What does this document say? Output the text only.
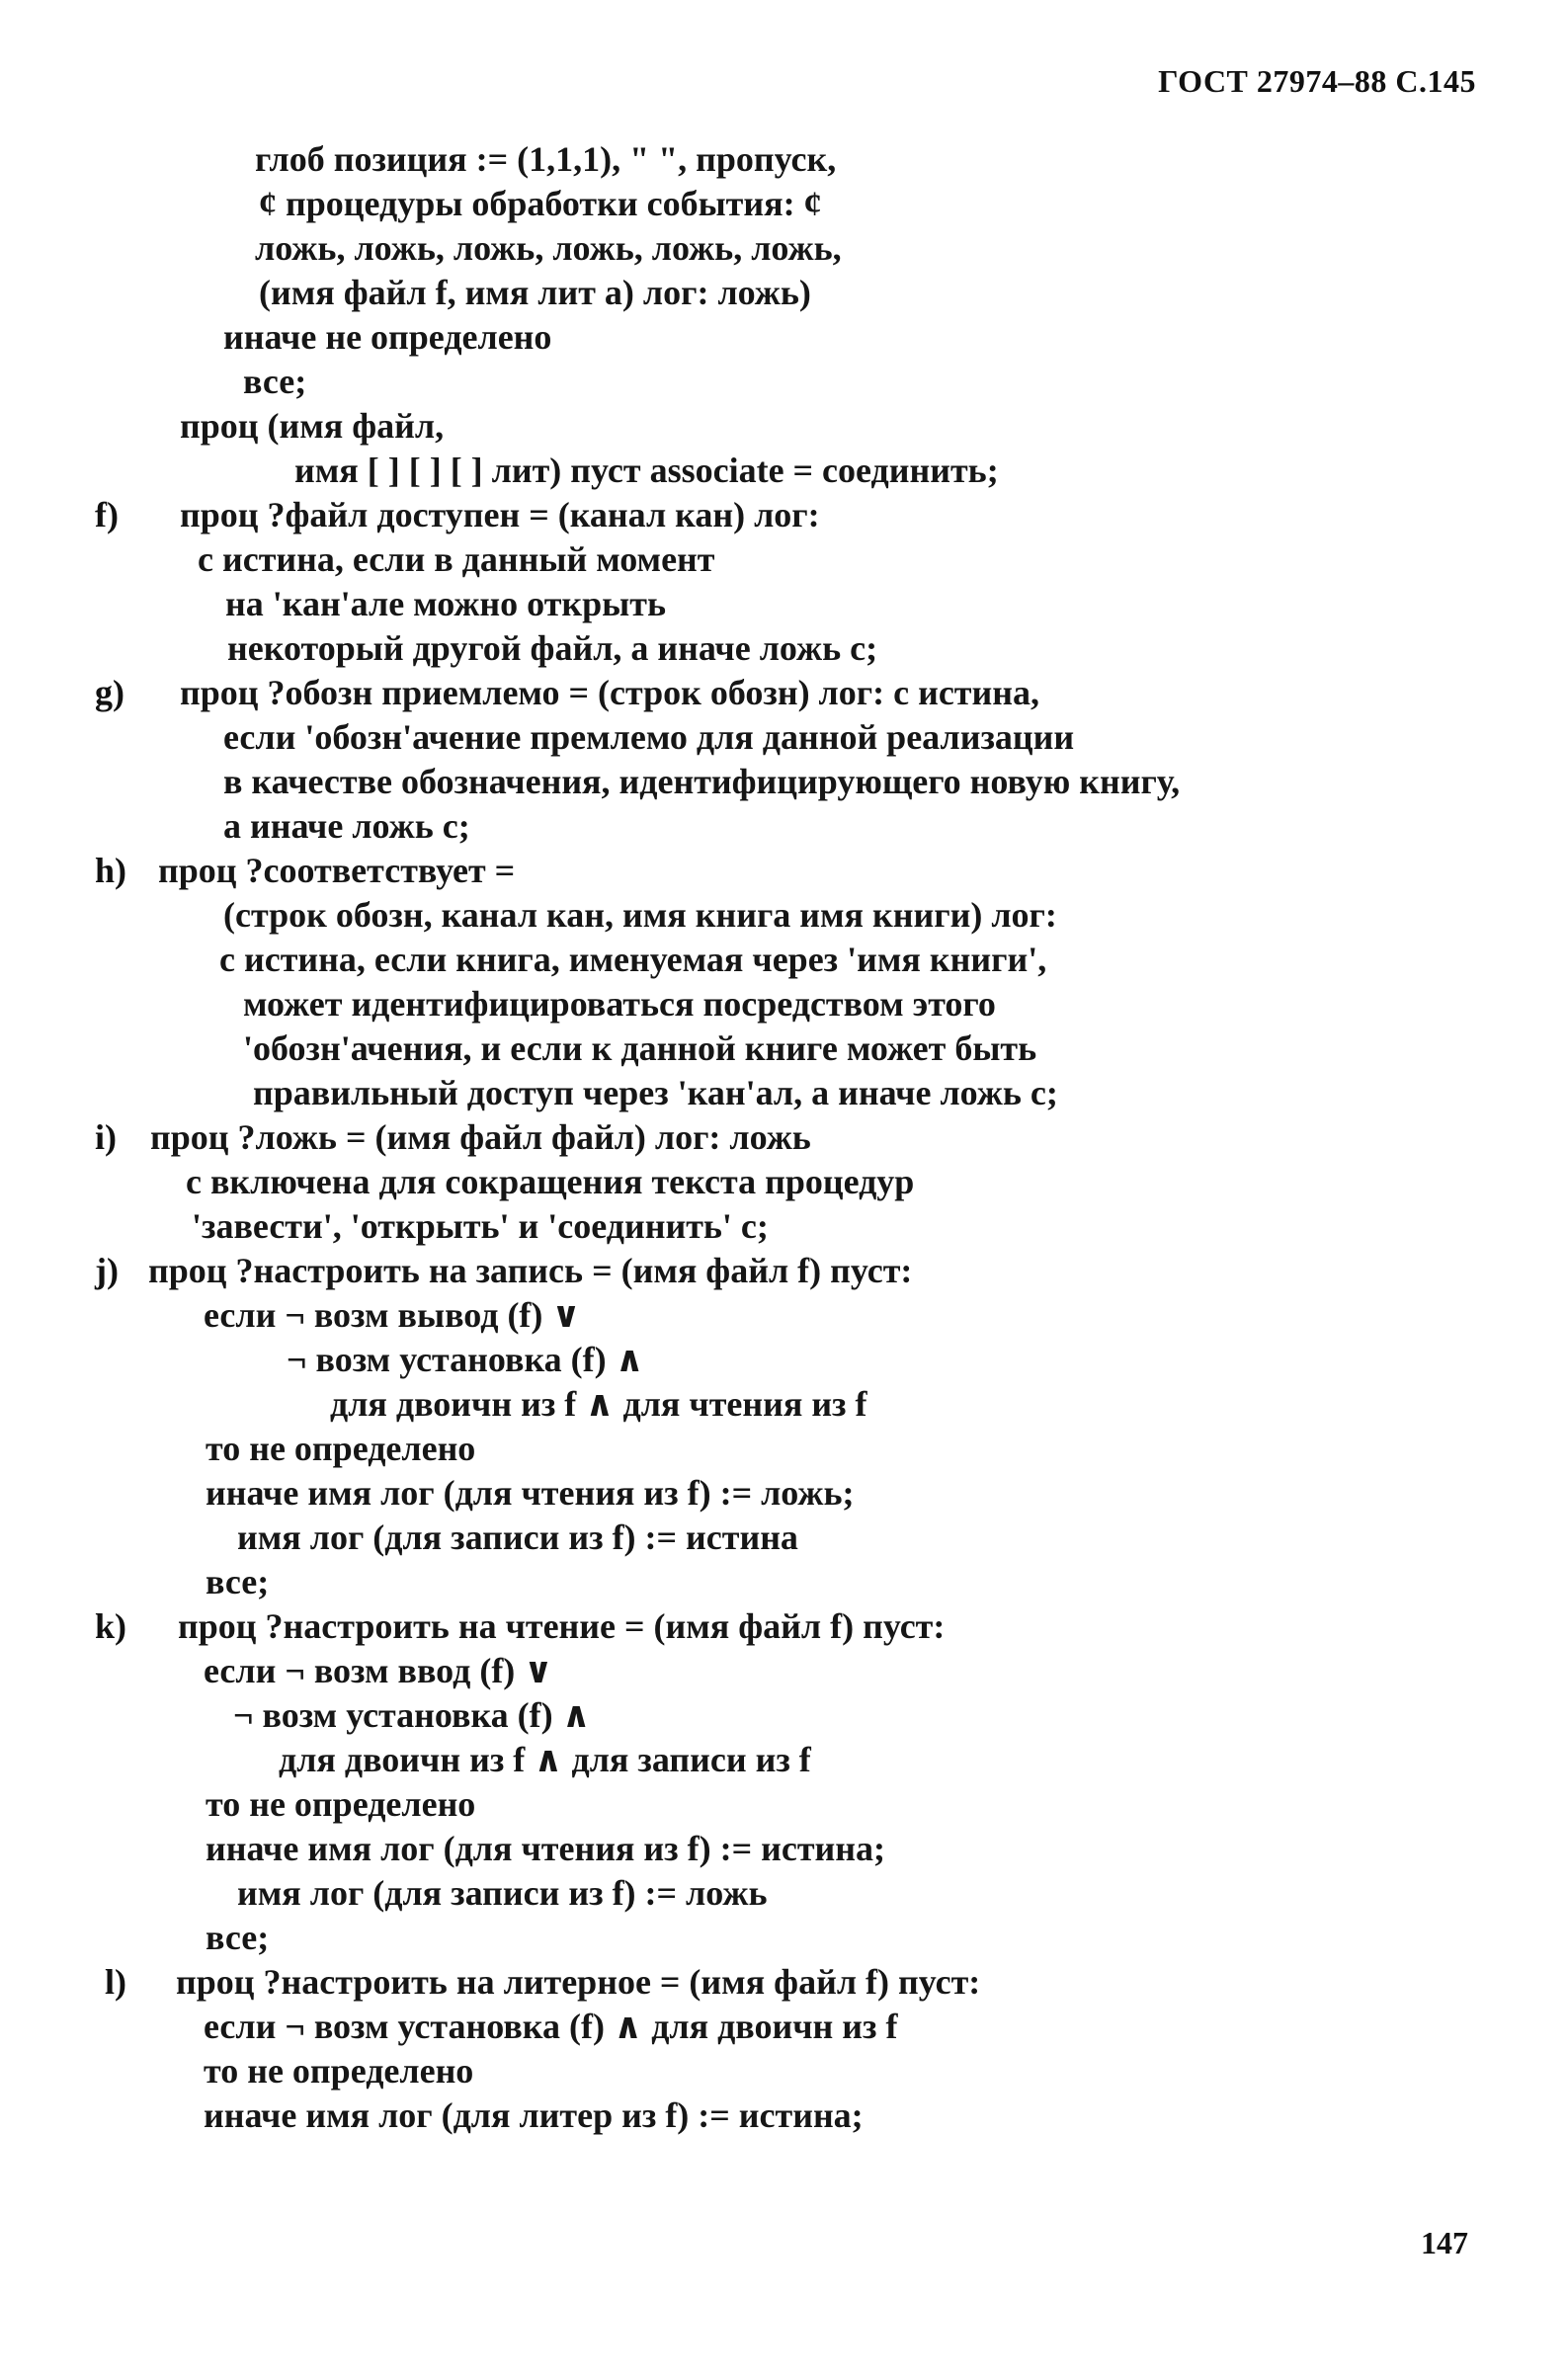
ГОСТ 27974–88 С.145
глоб позиция := (1,1,1), " ", пропуск,
¢ процедуры обработки события: ¢
ложь, ложь, ложь, ложь, ложь, ложь,
(имя файл f, имя лит а) лог: ложь)
иначе не определено
все;
проц (имя файл,
имя [ ] [ ] [ ] лит) пуст associate = соединить;
f) проц ?файл доступен = (канал кан) лог:
с истина, если в данный момент
на 'кан'але можно открыть
некоторый другой файл, а иначе ложь с;
g) проц ?обозн приемлемо = (строк обозн) лог: с истина,
если 'обозн'ачение премлемо для данной реализации
в качестве обозначения, идентифицирующего новую книгу,
а иначе ложь с;
h) проц ?соответствует =
(строк обозн, канал кан, имя книга имя книги) лог:
с истина, если книга, именуемая через 'имя книги',
может идентифицироваться посредством этого
'обозн'ачения, и если к данной книге может быть
правильный доступ через 'кан'ал, а иначе ложь с;
i) проц ?ложь = (имя файл файл) лог: ложь
с включена для сокращения текста процедур
'завести', 'открыть' и 'соединить' с;
j) проц ?настроить на запись = (имя файл f) пуст:
если ¬ возм вывод (f) ∨
¬ возм установка (f) ∧
для двоичн из f ∧ для чтения из f
то не определено
иначе имя лог (для чтения из f) := ложь;
имя лог (для записи из f) := истина
все;
k) проц ?настроить на чтение = (имя файл f) пуст:
если ¬ возм ввод (f) ∨
¬ возм установка (f) ∧
для двоичн из f ∧ для записи из f
то не определено
иначе имя лог (для чтения из f) := истина;
имя лог (для записи из f) := ложь
все;
l) проц ?настроить на литерное = (имя файл f) пуст:
если ¬ возм установка (f) ∧ для двоичн из f
то не определено
иначе имя лог (для литер из f) := истина;
147
